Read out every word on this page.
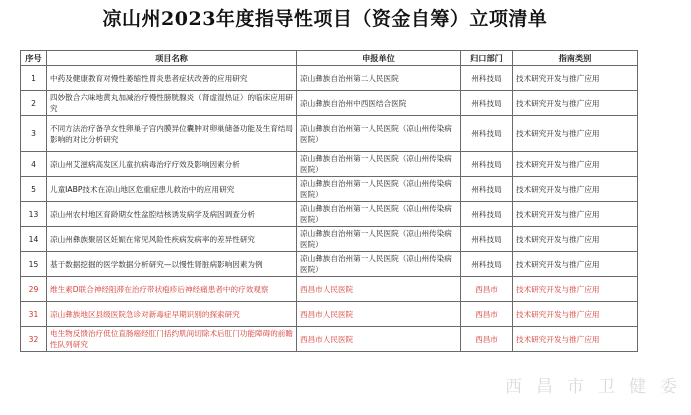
凉山州2023年度指导性项目（资金自筹）立项清单
序号	项目名称	申报单位	归口部门	指南类别
1	中药及健康教育对慢性萎缩性胃炎患者症状改善的应用研究	凉山彝族自治州第二人民医院	州科技局	技术研究开发与推广应用
2	四妙散合六味地黄丸加减治疗慢性膀胱腺炎（肾虚湿热证）的临床应用研究	凉山彝族自治州中西医结合医院	州科技局	技术研究开发与推广应用
3	不同方法治疗备孕女性卵巢子宫内膜异位囊肿对卵巢储备功能及生育结局影响的对比分析研究	凉山彝族自治州第一人民医院（凉山州传染病医院）	州科技局	技术研究开发与推广应用
4	凉山州艾滋病高发区儿童抗病毒治疗疗效及影响因素分析	凉山彝族自治州第一人民医院（凉山州传染病医院）	州科技局	技术研究开发与推广应用
5	儿童IABP技术在凉山地区危重症患儿救治中的应用研究	凉山彝族自治州第一人民医院（凉山州传染病医院）	州科技局	技术研究开发与推广应用
13	凉山州农村地区育龄期女性盆腔结核诱发病学及病因调查分析	凉山彝族自治州第一人民医院（凉山州传染病医院）	州科技局	技术研究开发与推广应用
14	凉山州彝族聚居区妊娠在常见风险性疾病发病率的差异性研究	凉山彝族自治州第一人民医院（凉山州传染病医院）	州科技局	技术研究开发与推广应用
15	基于数据挖掘的医学数据分析研究—以慢性肾脏病影响因素为例	凉山彝族自治州第一人民医院（凉山州传染病医院）	州科技局	技术研究开发与推广应用
29	维生素D联合神经阻滞在治疗带状疱疹后神经痛患者中的疗效观察	西昌市人民医院	西昌市	技术研究开发与推广应用
31	凉山彝族地区县级医院急诊对新毒症早期识别的探索研究	西昌市人民医院	西昌市	技术研究开发与推广应用
32	电生物反馈治疗低位直肠癌经肛门括约肌间切除术后肛门功能障碍的前瞻性队列研究	西昌市人民医院	西昌市	技术研究开发与推广应用
西昌市卫健委
